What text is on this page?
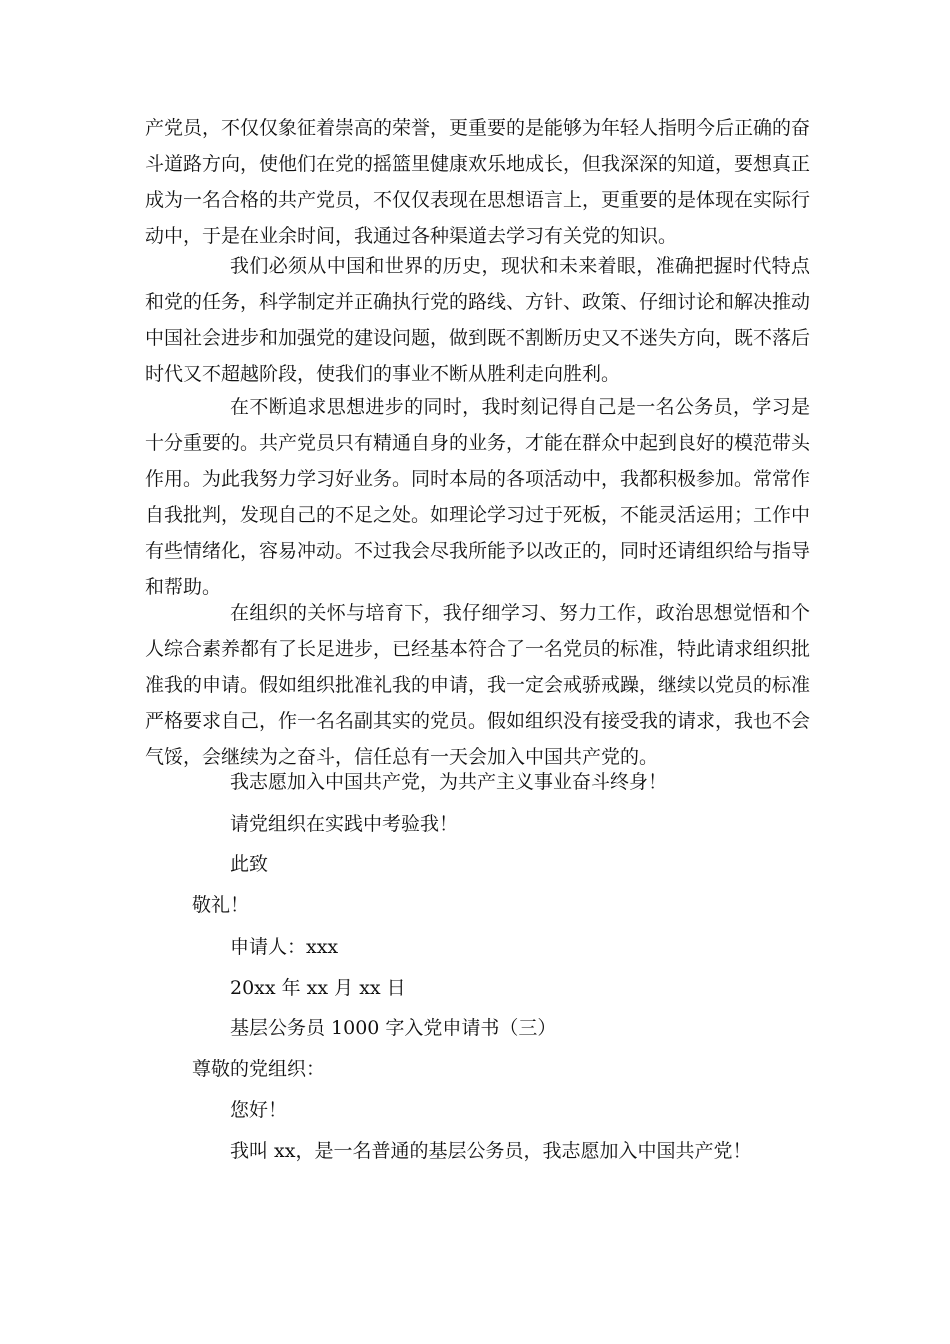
产党员，不仅仅象征着崇高的荣誉，更重要的是能够为年轻人指明今后正确的奋斗道路方向，使他们在党的摇篮里健康欢乐地成长，但我深深的知道，要想真正成为一名合格的共产党员，不仅仅表现在思想语言上，更重要的是体现在实际行动中，于是在业余时间，我通过各种渠道去学习有关党的知识。

我们必须从中国和世界的历史，现状和未来着眼，准确把握时代特点和党的任务，科学制定并正确执行党的路线、方针、政策、仔细讨论和解决推动中国社会进步和加强党的建设问题，做到既不割断历史又不迷失方向，既不落后时代又不超越阶段，使我们的事业不断从胜利走向胜利。

在不断追求思想进步的同时，我时刻记得自己是一名公务员，学习是十分重要的。共产党员只有精通自身的业务，才能在群众中起到良好的模范带头作用。为此我努力学习好业务。同时本局的各项活动中，我都积极参加。常常作自我批判，发现自己的不足之处。如理论学习过于死板，不能灵活运用；工作中有些情绪化，容易冲动。不过我会尽我所能予以改正的，同时还请组织给与指导和帮助。

在组织的关怀与培育下，我仔细学习、努力工作，政治思想觉悟和个人综合素养都有了长足进步，已经基本符合了一名党员的标准，特此请求组织批准我的申请。假如组织批准礼我的申请，我一定会戒骄戒躁，继续以党员的标准严格要求自己，作一名名副其实的党员。假如组织没有接受我的请求，我也不会气馁，会继续为之奋斗，信任总有一天会加入中国共产党的。

我志愿加入中国共产党，为共产主义事业奋斗终身！

请党组织在实践中考验我！

此致

敬礼！

申请人：xxx

20xx 年 xx 月 xx 日

基层公务员 1000 字入党申请书（三）

尊敬的党组织：

您好！

我叫 xx，是一名普通的基层公务员，我志愿加入中国共产党！
